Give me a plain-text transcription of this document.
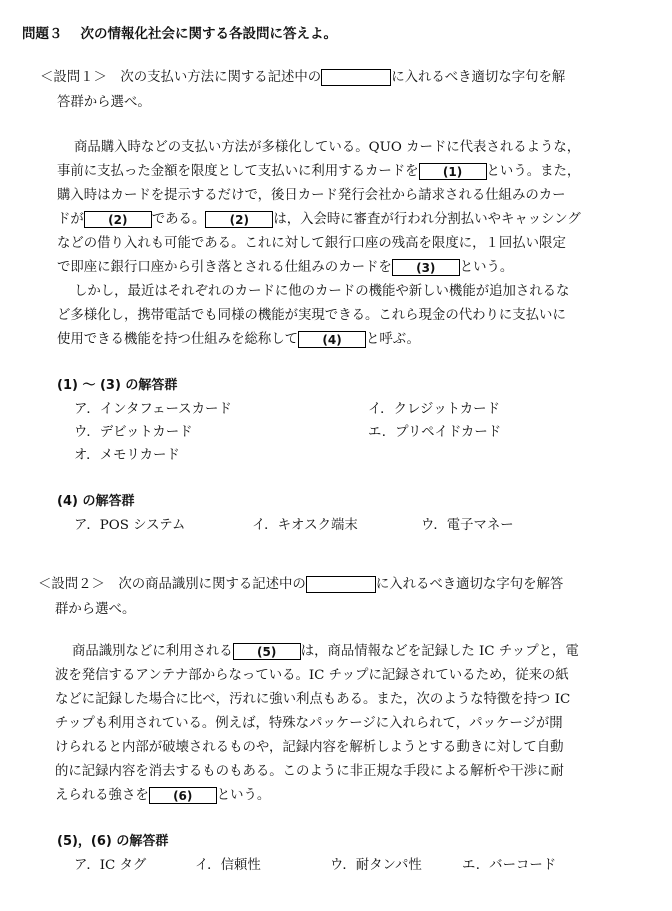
問題３ 次の情報化社会に関する各設問に答えよ。
＜設問１＞　次の支払い方法に関する記述中の	に入れるべき適切な字句を解
答群から選べ。
商品購入時などの支払い方法が多様化している。QUO カードに代表されるような，
事前に支払った金額を限度として支払いに利用するカードを (1) という。また，
購入時はカードを提示するだけで，後日カード発行会社から請求される仕組みのカー
ドが (2) である。 (2) は，入会時に審査が行われ分割払いやキャッシング
などの借り入れも可能である。これに対して銀行口座の残高を限度に，１回払い限定
で即座に銀行口座から引き落とされる仕組みのカードを (3) という。
しかし，最近はそれぞれのカードに他のカードの機能や新しい機能が追加されるな
ど多様化し，携帯電話でも同様の機能が実現できる。これら現金の代わりに支払いに
使用できる機能を持つ仕組みを総称して (4) と呼ぶ。
(1) ～ (3) の解答群
ア．インタフェースカード	イ．クレジットカード
ウ．デビットカード	エ．プリペイドカード
オ．メモリカード
(4) の解答群
ア．POS システム	イ．キオスク端末	ウ．電子マネー
＜設問２＞　次の商品識別に関する記述中の	に入れるべき適切な字句を解答
群から選べ。
商品識別などに利用される (5) は，商品情報などを記録した IC チップと，電
波を発信するアンテナ部からなっている。IC チップに記録されているため，従来の紙
などに記録した場合に比べ，汚れに強い利点もある。また，次のような特徴を持つ IC
チップも利用されている。例えば，特殊なパッケージに入れられて，パッケージが開
けられると内部が破壊されるものや，記録内容を解析しようとする動きに対して自動
的に記録内容を消去するものもある。このように非正規な手段による解析や干渉に耐
えられる強さを (6) という。
(5)，(6) の解答群
ア．IC タグ	イ．信頼性	ウ．耐タンパ性	エ．バーコード
